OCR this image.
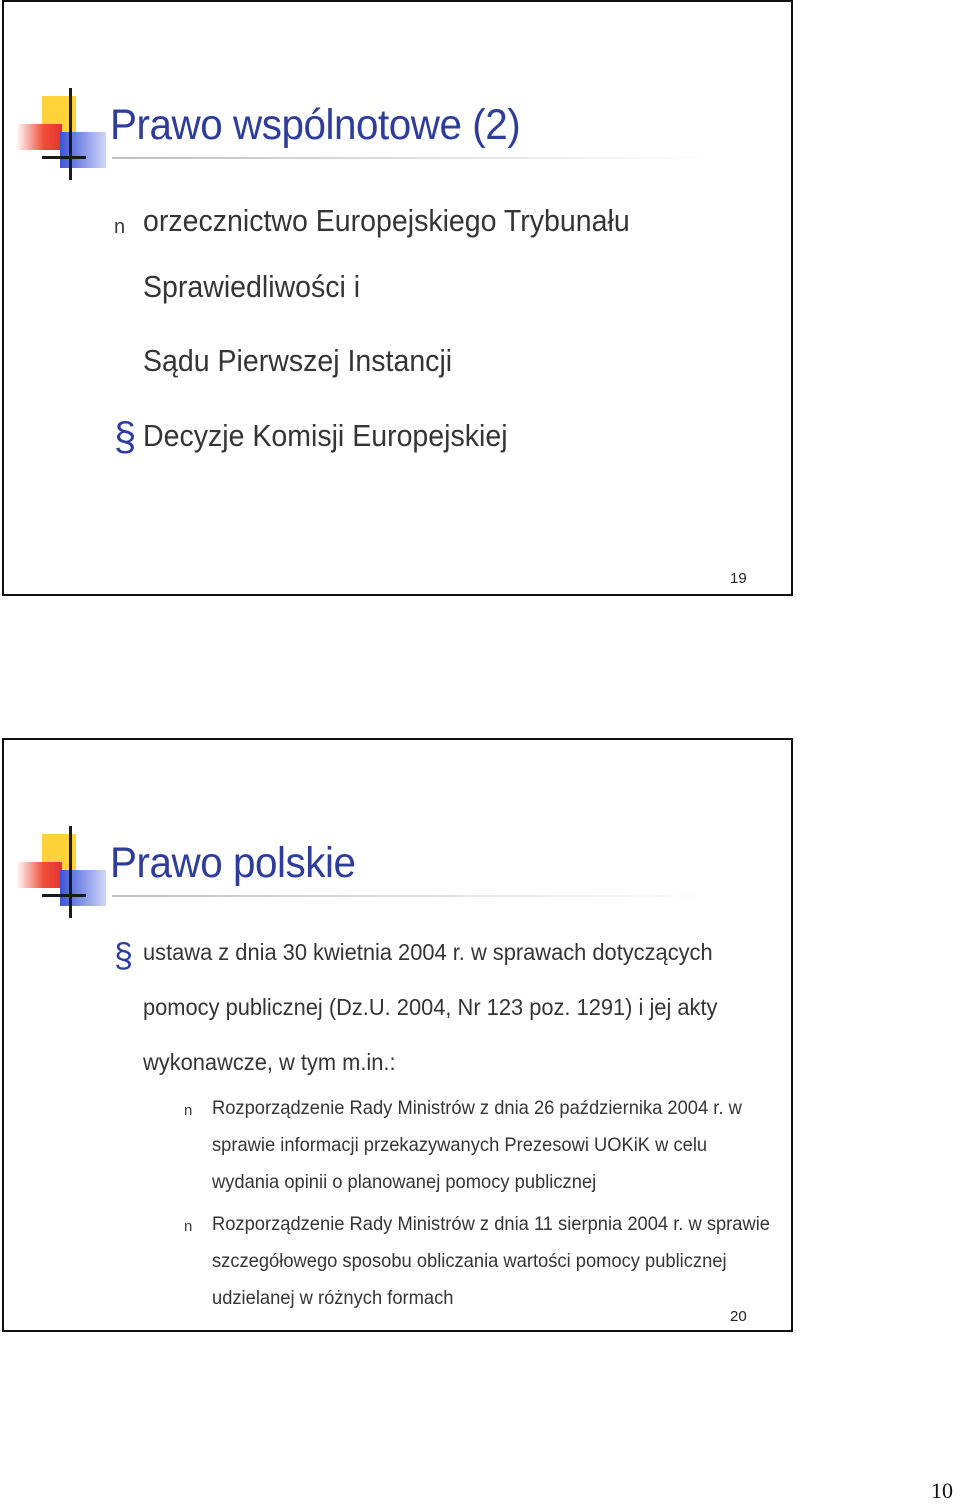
Prawo wspólnotowe (2)
n orzecznictwo Europejskiego Trybunału
Sprawiedliwości i
Sądu Pierwszej Instancji
§ Decyzje Komisji Europejskiej
19
Prawo polskie
§ ustawa z dnia 30 kwietnia 2004 r. w sprawach dotyczących
pomocy publicznej (Dz.U. 2004, Nr 123 poz. 1291) i jej akty
wykonawcze, w tym m.in.:
n Rozporządzenie Rady Ministrów z dnia 26 października 2004 r. w
sprawie informacji przekazywanych Prezesowi UOKiK w celu
wydania opinii o planowanej pomocy publicznej
n Rozporządzenie Rady Ministrów z dnia 11 sierpnia 2004 r. w sprawie
szczegółowego sposobu obliczania wartości pomocy publicznej
udzielanej w różnych formach
20
10
